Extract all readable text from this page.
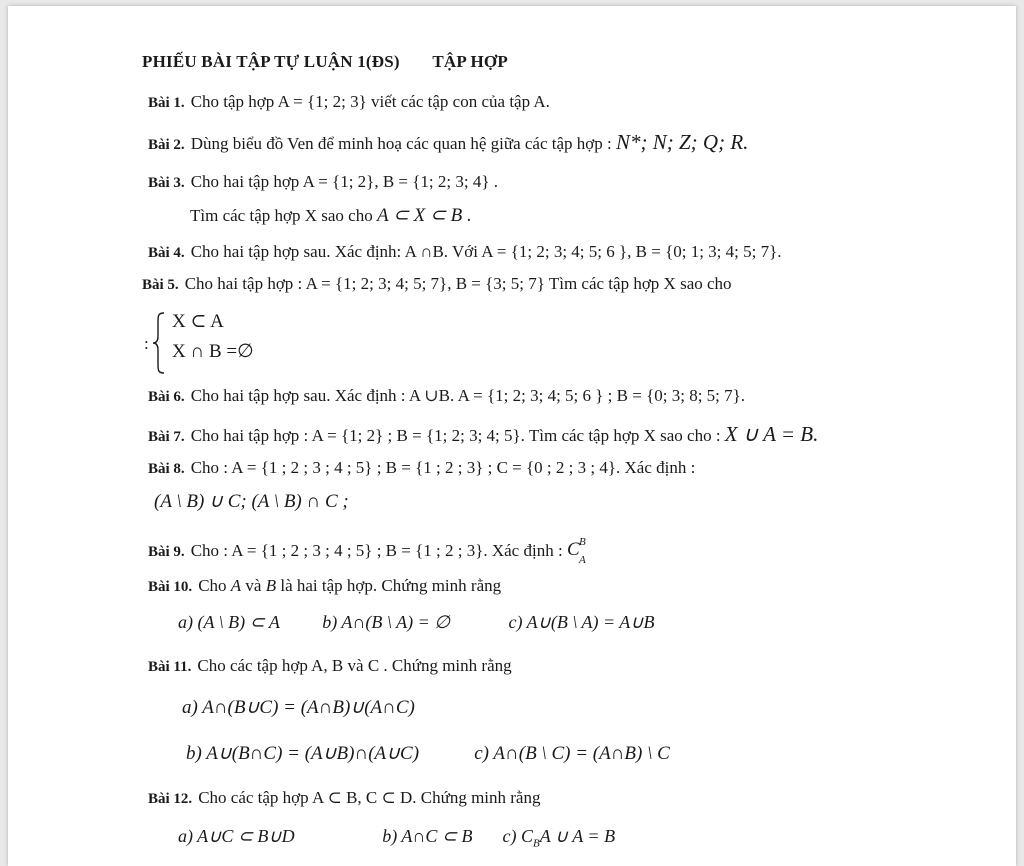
PHIẾU BÀI TẬP TỰ LUẬN 1(ĐS) TẬP HỢP
Bài 1. Cho tập hợp A = {1; 2; 3} viết các tập con của tập A.
Bài 2. Dùng biểu đồ Ven để minh hoạ các quan hệ giữa các tập hợp : N*; N; Z; Q; R.
Bài 3. Cho hai tập hợp A = {1; 2}, B = {1; 2; 3; 4} .
Tìm các tập hợp X sao cho A ⊂ X ⊂ B .
Bài 4. Cho hai tập hợp sau. Xác định: A ∩B. Với A = {1; 2; 3; 4; 5; 6 }, B = {0; 1; 3; 4; 5; 7}.
Bài 5. Cho hai tập hợp : A = {1; 2; 3; 4; 5; 7}, B = {3; 5; 7} Tìm các tập hợp X sao cho
:
X ⊂ A
X ∩ B =∅
Bài 6. Cho hai tập hợp sau. Xác định : A ∪B. A = {1; 2; 3; 4; 5; 6 } ; B = {0; 3; 8; 5; 7}.
Bài 7. Cho hai tập hợp : A = {1; 2} ; B = {1; 2; 3; 4; 5}. Tìm các tập hợp X sao cho : X ∪ A = B.
Bài 8. Cho : A = {1 ; 2 ; 3 ; 4 ; 5} ; B = {1 ; 2 ; 3} ; C = {0 ; 2 ; 3 ; 4}. Xác định :
(A \ B) ∪ C; (A \ B) ∩ C ;
Bài 9. Cho : A = {1 ; 2 ; 3 ; 4 ; 5} ; B = {1 ; 2 ; 3}. Xác định : C B
A
Bài 10. Cho A và B là hai tập hợp. Chứng minh rằng
a) (A \ B) ⊂ A b) A∩(B \ A) = ∅	c) A∪(B \ A) = A∪B
Bài 11. Cho các tập hợp A, B và C . Chứng minh rằng
a) A∩(B∪C) = (A∩B)∪(A∩C)
b) A∪(B∩C) = (A∪B)∩(A∪C)	c) A∩(B \ C) = (A∩B) \ C
Bài 12. Cho các tập hợp A ⊂ B, C ⊂ D. Chứng minh rằng
a) A∪C ⊂ B∪D	b) A∩C ⊂ B c) $C_BA$ ∪ A = B
